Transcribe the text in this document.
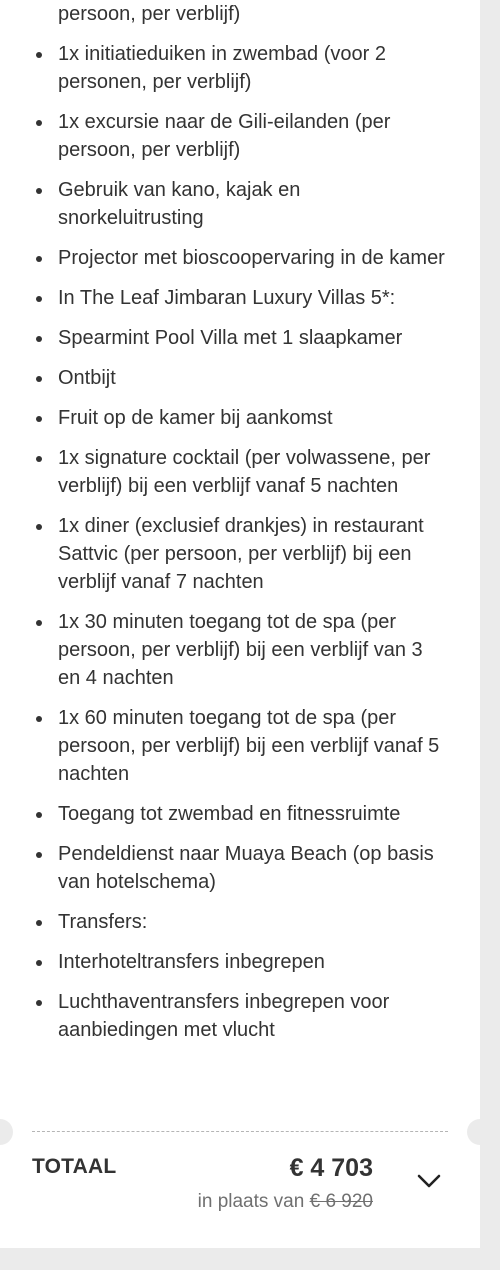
persoon, per verblijf)
1x initiatieduiken in zwembad (voor 2 personen, per verblijf)
1x excursie naar de Gili-eilanden (per persoon, per verblijf)
Gebruik van kano, kajak en snorkeluitrusting
Projector met bioscoopervaring in de kamer
In The Leaf Jimbaran Luxury Villas 5*:
Spearmint Pool Villa met 1 slaapkamer
Ontbijt
Fruit op de kamer bij aankomst
1x signature cocktail (per volwassene, per verblijf) bij een verblijf vanaf 5 nachten
1x diner (exclusief drankjes) in restaurant Sattvic (per persoon, per verblijf) bij een verblijf vanaf 7 nachten
1x 30 minuten toegang tot de spa (per persoon, per verblijf) bij een verblijf van 3 en 4 nachten
1x 60 minuten toegang tot de spa (per persoon, per verblijf) bij een verblijf vanaf 5 nachten
Toegang tot zwembad en fitnessruimte
Pendeldienst naar Muaya Beach (op basis van hotelschema)
Transfers:
Interhoteltransfers inbegrepen
Luchthaventransfers inbegrepen voor aanbiedingen met vlucht
TOTAAL	€ 4 703
in plaats van € 6 920
